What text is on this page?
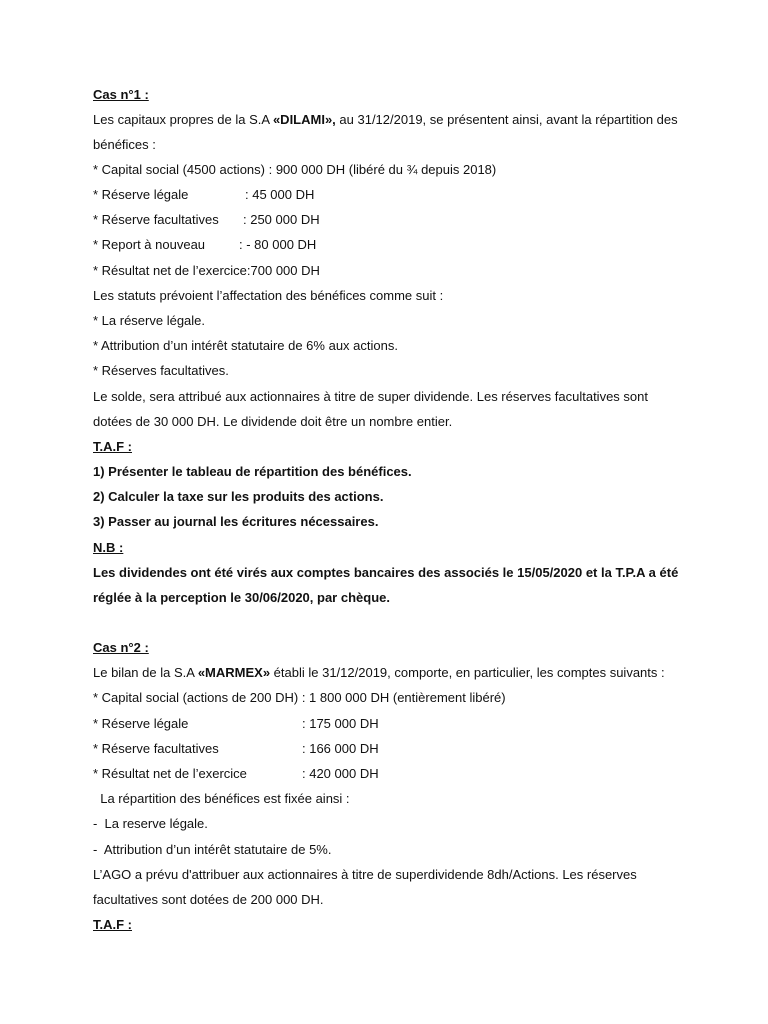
Cas n°1 :
Les capitaux propres de la S.A «DILAMI», au 31/12/2019, se présentent ainsi, avant la répartition des
bénéfices :
* Capital social (4500 actions) : 900 000 DH (libéré du ¾ depuis 2018)
* Réserve légale	: 45 000 DH
* Réserve facultatives : 250 000 DH
* Report à nouveau	: - 80 000 DH
* Résultat net de l’exercice:700 000 DH
Les statuts prévoient l’affectation des bénéfices comme suit :
* La réserve légale.
* Attribution d’un intérêt statutaire de 6% aux actions.
* Réserves facultatives.
Le solde, sera attribué aux actionnaires à titre de super dividende. Les réserves facultatives sont
dotées de 30 000 DH. Le dividende doit être un nombre entier.
T.A.F :
1) Présenter le tableau de répartition des bénéfices.
2) Calculer la taxe sur les produits des actions.
3) Passer au journal les écritures nécessaires.
N.B :
Les dividendes ont été virés aux comptes bancaires des associés le 15/05/2020 et la T.P.A a été
réglée à la perception le 30/06/2020, par chèque.
Cas n°2 :
Le bilan de la S.A «MARMEX» établi le 31/12/2019, comporte, en particulier, les comptes suivants :
* Capital social (actions de 200 DH) : 1 800 000 DH (entièrement libéré)
* Réserve légale	: 175 000 DH
* Réserve facultatives	: 166 000 DH
* Résultat net de l’exercice	: 420 000 DH
La répartition des bénéfices est fixée ainsi :
-  La reserve légale.
-  Attribution d’un intérêt statutaire de 5%.
L’AGO a prévu d'attribuer aux actionnaires à titre de superdividende 8dh/Actions. Les réserves
facultatives sont dotées de 200 000 DH.
T.A.F :
